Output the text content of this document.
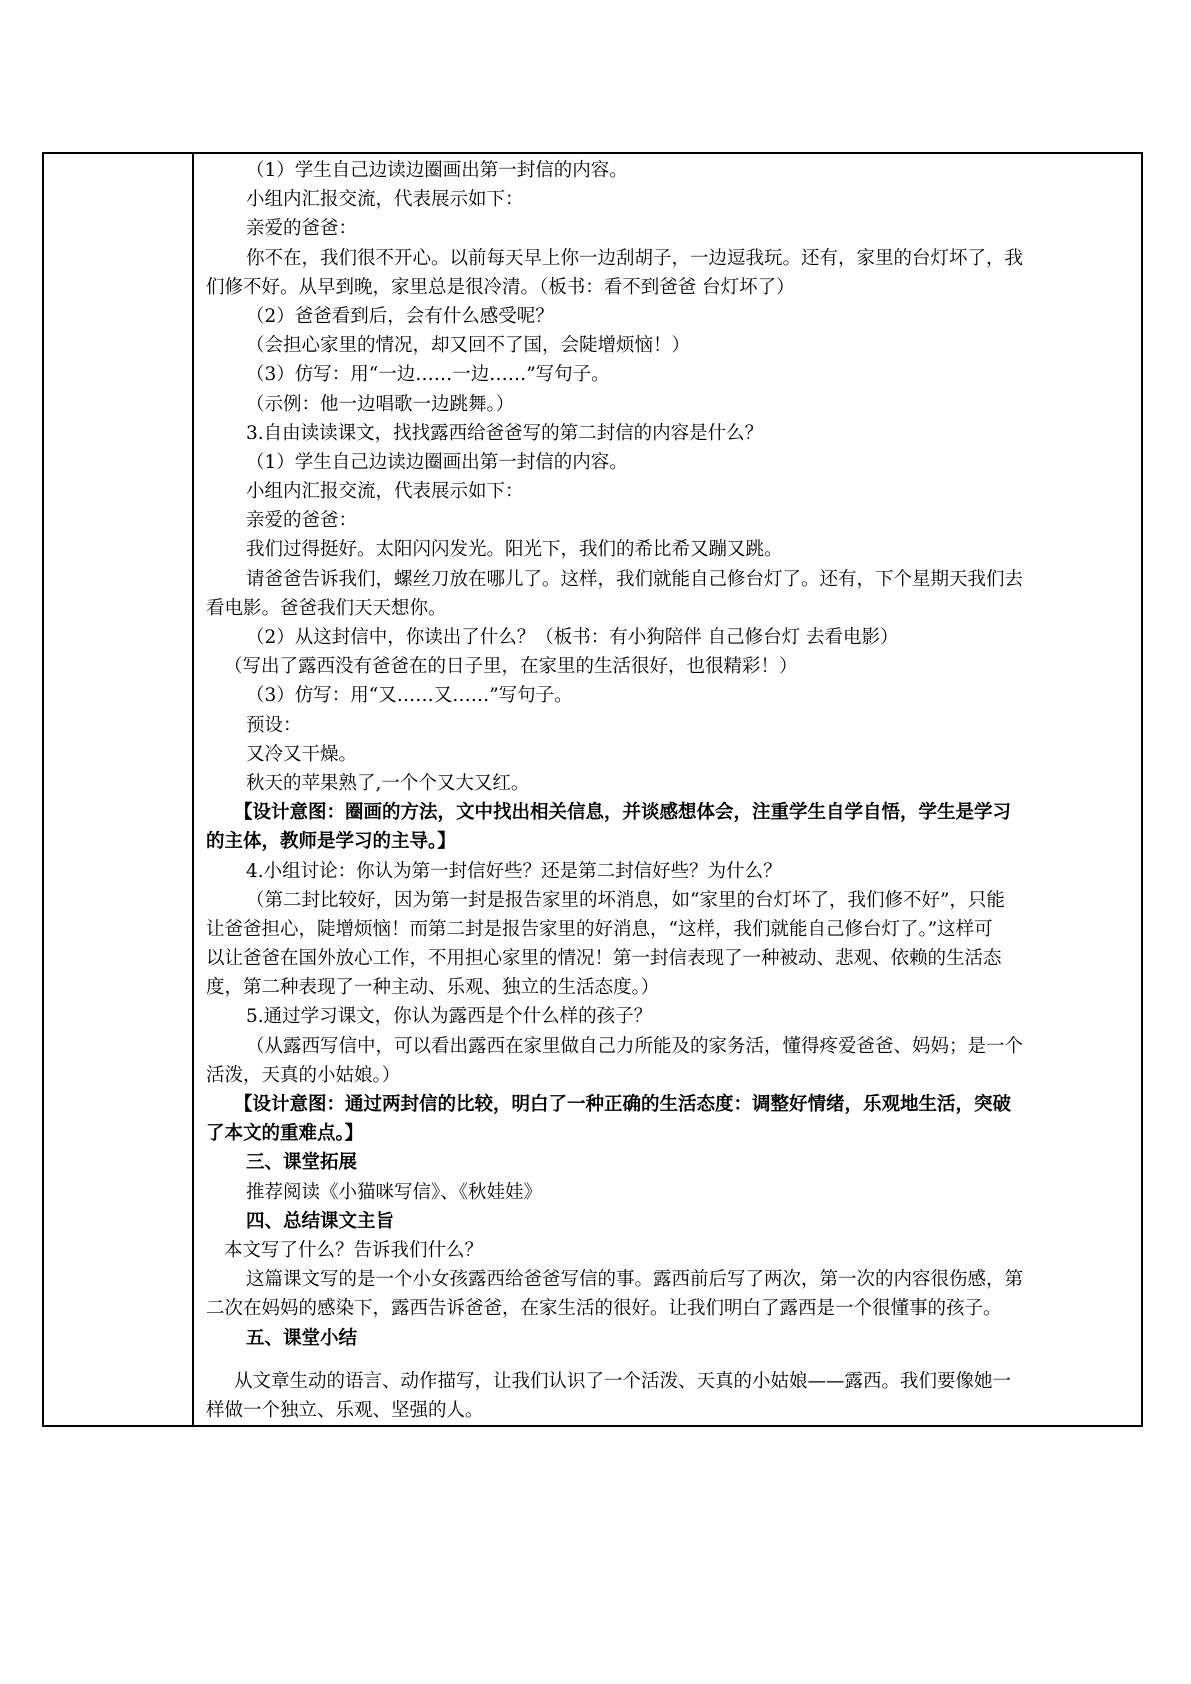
（1）学生自己边读边圈画出第一封信的内容。
小组内汇报交流，代表展示如下：
亲爱的爸爸：
你不在，我们很不开心。以前每天早上你一边刮胡子，一边逗我玩。还有，家里的台灯坏了，我
们修不好。从早到晚，家里总是很冷清。（板书：看不到爸爸 台灯坏了）
（2）爸爸看到后，会有什么感受呢？
（会担心家里的情况，却又回不了国，会陡增烦恼！）
（3）仿写：用“一边……一边……”写句子。
（示例：他一边唱歌一边跳舞。）
3.自由读读课文，找找露西给爸爸写的第二封信的内容是什么？
（1）学生自己边读边圈画出第一封信的内容。
小组内汇报交流，代表展示如下：
亲爱的爸爸：
我们过得挺好。太阳闪闪发光。阳光下，我们的希比希又蹦又跳。
请爸爸告诉我们，螺丝刀放在哪儿了。这样，我们就能自己修台灯了。还有，下个星期天我们去
看电影。爸爸我们天天想你。
（2）从这封信中，你读出了什么？（板书：有小狗陪伴 自己修台灯 去看电影）
（写出了露西没有爸爸在的日子里，在家里的生活很好，也很精彩！）
（3）仿写：用“又……又……”写句子。
预设：
又冷又干燥。
秋天的苹果熟了,一个个又大又红。
【设计意图：圈画的方法，文中找出相关信息，并谈感想体会，注重学生自学自悟，学生是学习
的主体，教师是学习的主导。】
4.小组讨论：你认为第一封信好些？还是第二封信好些？为什么？
（第二封比较好，因为第一封是报告家里的坏消息，如“家里的台灯坏了，我们修不好”，只能
让爸爸担心，陡增烦恼！而第二封是报告家里的好消息，“这样，我们就能自己修台灯了。”这样可
以让爸爸在国外放心工作，不用担心家里的情况！第一封信表现了一种被动、悲观、依赖的生活态
度，第二种表现了一种主动、乐观、独立的生活态度。）
5.通过学习课文，你认为露西是个什么样的孩子？
（从露西写信中，可以看出露西在家里做自己力所能及的家务活，懂得疼爱爸爸、妈妈；是一个
活泼，天真的小姑娘。）
【设计意图：通过两封信的比较，明白了一种正确的生活态度：调整好情绪，乐观地生活，突破
了本文的重难点。】
三、课堂拓展
推荐阅读《小猫咪写信》、《秋娃娃》
四、总结课文主旨
本文写了什么？告诉我们什么？
这篇课文写的是一个小女孩露西给爸爸写信的事。露西前后写了两次，第一次的内容很伤感，第
二次在妈妈的感染下，露西告诉爸爸，在家生活的很好。让我们明白了露西是一个很懂事的孩子。
五、课堂小结
从文章生动的语言、动作描写，让我们认识了一个活泼、天真的小姑娘——露西。我们要像她一
样做一个独立、乐观、坚强的人。
